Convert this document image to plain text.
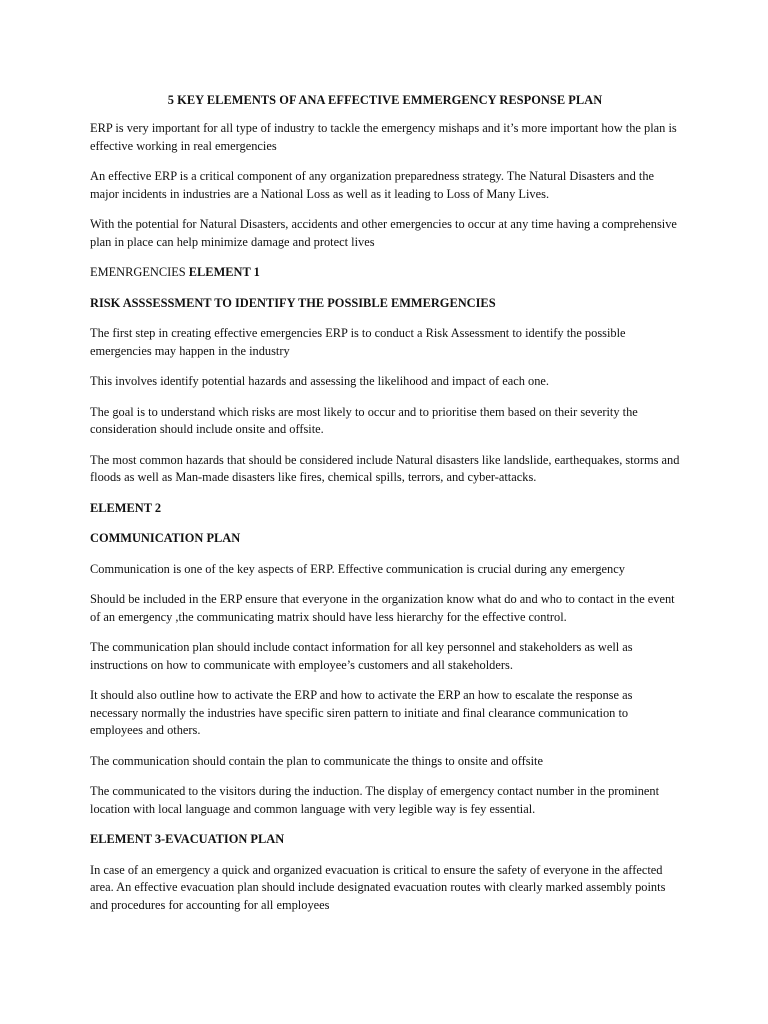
5 KEY ELEMENTS OF ANA EFFECTIVE EMMERGENCY RESPONSE PLAN

ERP is very important for all type of industry to tackle the emergency mishaps and it’s more important how the plan is effective working in real emergencies

An effective ERP is a critical component of any organization preparedness strategy. The Natural Disasters and the major incidents in industries are a National Loss as well as it leading to Loss of Many Lives.

With the potential for Natural Disasters, accidents and other emergencies to occur at any time having a comprehensive plan in place can help minimize damage and protect lives

EMENRGENCIES ELEMENT 1

RISK ASSSESSMENT TO IDENTIFY THE POSSIBLE EMMERGENCIES

The first step in creating effective emergencies ERP is to conduct a Risk Assessment to identify the possible emergencies may happen in the industry

This involves identify potential hazards and assessing the likelihood and impact of each one.

The goal is to understand which risks are most likely to occur and to prioritise them based on their severity the consideration should include onsite and offsite.

The most common hazards that should be considered include Natural disasters like landslide, earthequakes, storms and floods as well as Man-made disasters like fires, chemical spills, terrors, and cyber-attacks.

ELEMENT 2

COMMUNICATION PLAN

Communication is one of the key aspects of ERP. Effective communication is crucial during any emergency

Should be included in the ERP ensure that everyone in the organization know what do and who to contact in the event of an emergency ,the communicating matrix should have less hierarchy for the effective control.

The communication plan should include contact information for all key personnel and stakeholders as well as instructions on how to communicate with employee’s customers and all stakeholders.

It should also outline how to activate the ERP and how to activate the ERP an how to escalate the response as necessary normally the industries have specific siren pattern to initiate and final clearance communication to employees and others.

The communication should contain the plan to communicate the things to onsite and offsite

The communicated to the visitors during the induction. The display of emergency contact number in the prominent location with local language and common language with very legible way is fey essential.

ELEMENT 3-EVACUATION PLAN

In case of an emergency a quick and organized evacuation is critical to ensure the safety of everyone in the affected area. An effective evacuation plan should include designated evacuation routes with clearly marked assembly points and procedures for accounting for all employees
